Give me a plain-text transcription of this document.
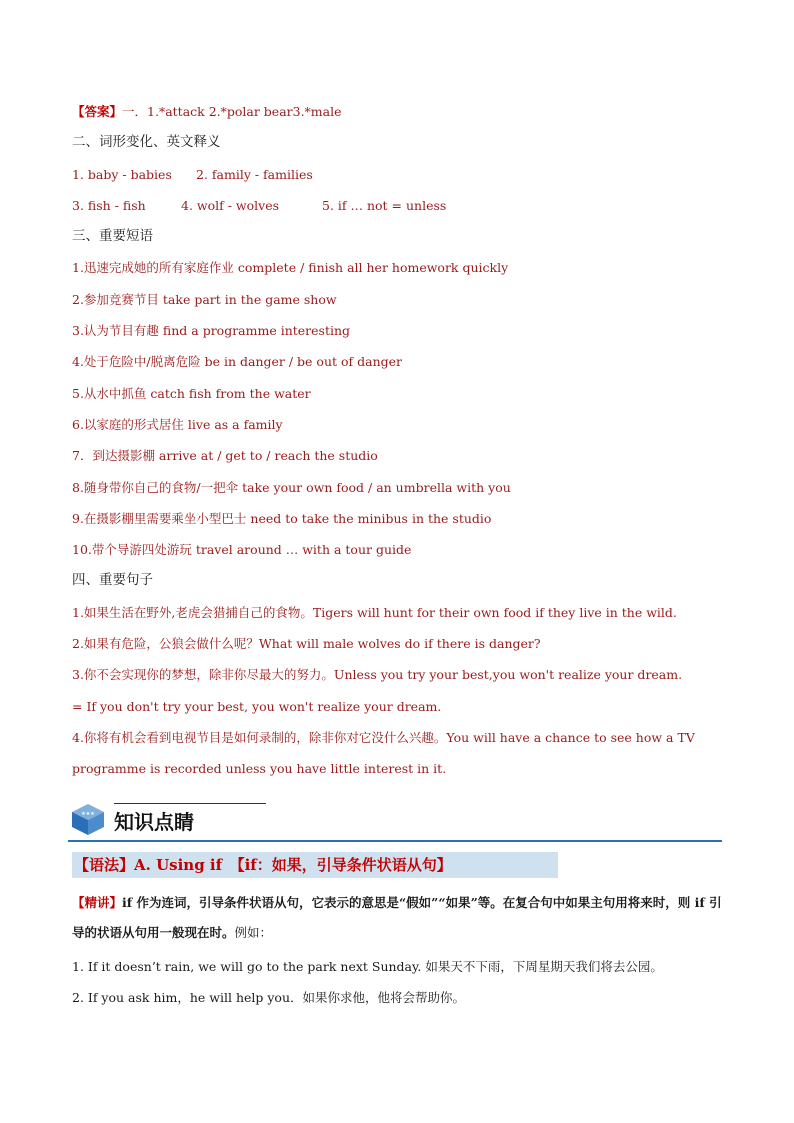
【答案】一．1.*attack 2.*polar bear3.*male
二、词形变化、英文释义
1. baby - babies 2. family - families
3. fish - fish	4. wolf - wolves	5. if … not = unless
三、重要短语
1.迅速完成她的所有家庭作业 complete / finish all her homework quickly
2.参加竞赛节目 take part in the game show
3.认为节目有趣 find a programme interesting
4.处于危险中/脱离危险 be in danger / be out of danger
5.从水中抓鱼 catch fish from the water
6.以家庭的形式居住 live as a family
7．到达摄影棚 arrive at / get to / reach the studio
8.随身带你自己的食物/一把伞 take your own food / an umbrella with you
9.在摄影棚里需要乘坐小型巴士 need to take the minibus in the studio
10.带个导游四处游玩 travel around … with a tour guide
四、重要句子
1.如果生活在野外,老虎会猎捕自己的食物。Tigers will hunt for their own food if they live in the wild.
2.如果有危险，公狼会做什么呢？What will male wolves do if there is danger?
3.你不会实现你的梦想，除非你尽最大的努力。Unless you try your best,you won't realize your dream.
= If you don't try your best, you won't realize your dream.
4.你将有机会看到电视节目是如何录制的，除非你对它没什么兴趣。You will have a chance to see how a TV programme is recorded unless you have little interest in it.
★★★ 知识点睛
【语法】A. Using if　【if：如果，引导条件状语从句】
【精讲】if 作为连词，引导条件状语从句，它表示的意思是“假如”“如果”等。在复合句中如果主句用将来时，则 if 引导的状语从句用一般现在时。例如：
1. If it doesn’t rain, we will go to the park next Sunday. 如果天不下雨，下周星期天我们将去公园。
2. If you ask him，he will help you．如果你求他，他将会帮助你。
